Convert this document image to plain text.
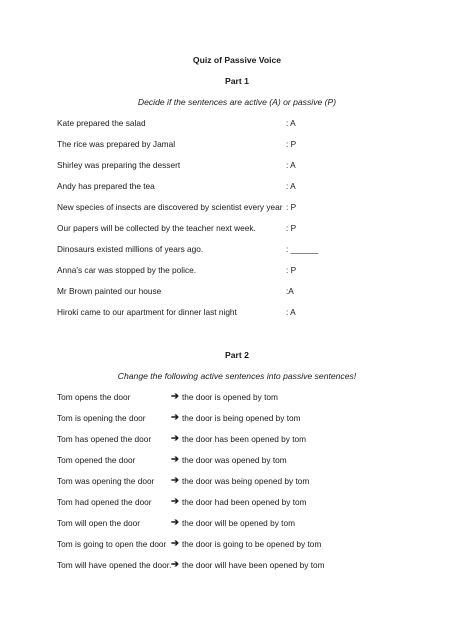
Quiz of Passive Voice
Part 1
Decide if the sentences are active (A) or passive (P)
Kate prepared the salad	: A
The rice was prepared by Jamal	: P
Shirley was preparing the dessert	: A
Andy has prepared the tea	: A
New species of insects are discovered by scientist every year : P
Our papers will be collected by the teacher next week.	: P
Dinosaurs existed millions of years ago.	: ______
Anna's car was stopped by the police.	: P
Mr Brown painted our house	:A
Hiroki came to our apartment for dinner last night	: A
Part 2
Change the following active sentences into passive sentences!
Tom opens the door	➔ the door is opened by tom
Tom is opening the door	➔ the door is being opened by tom
Tom has opened the door ➔ the door has been opened by tom
Tom opened the door	➔ the door was opened by tom
Tom was opening the door ➔ the door was being opened by tom
Tom had opened the door ➔ the door had been opened by tom
Tom will open the door	➔ the door will be opened by tom
Tom is going to open the door ➔ the door is going to be opened by tom
Tom will have opened the door. ➔ the door will have been opened by tom
